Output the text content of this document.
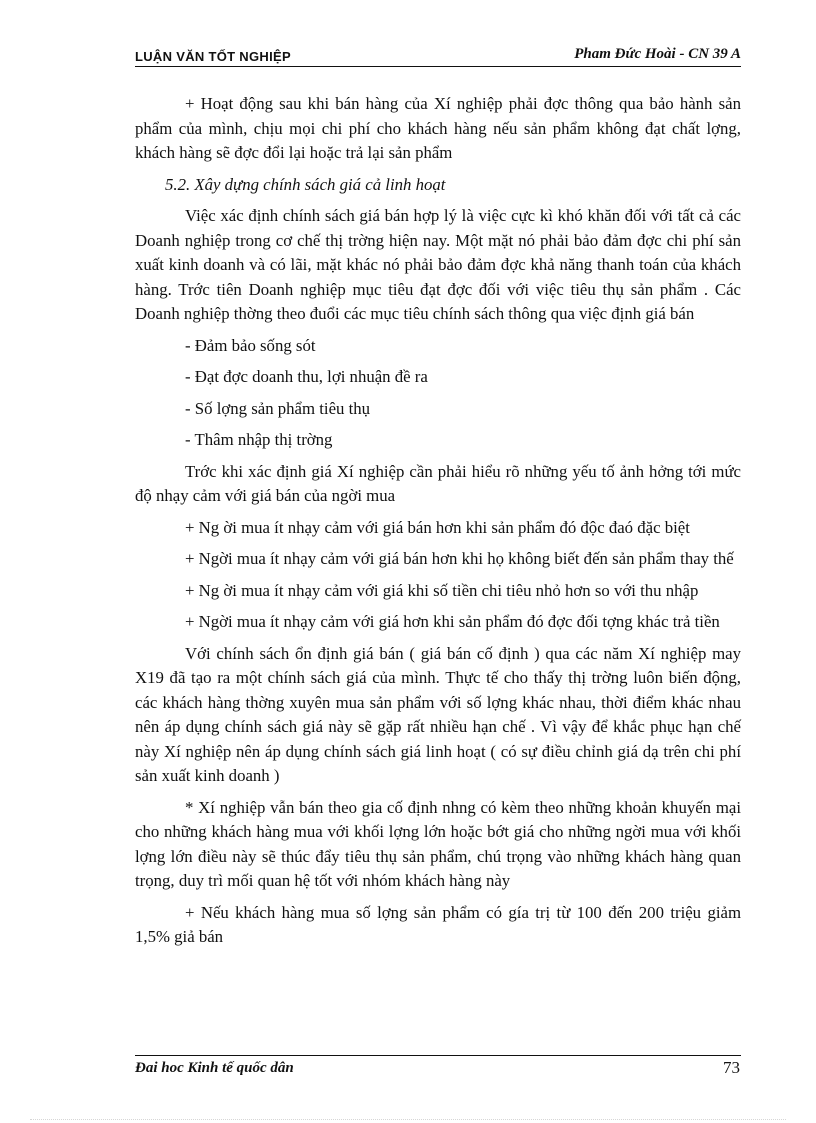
LUẬN VĂN TỐT NGHIỆP	Pham Đức Hoài - CN 39 A

+ Hoạt động sau khi bán hàng của Xí nghiệp phải đợc thông qua bảo hành sản phẩm của mình, chịu mọi chi phí cho khách hàng nếu sản phẩm không đạt chất lợng, khách hàng sẽ đợc đổi lại hoặc trả lại sản phẩm

5.2. Xây dựng chính sách giá cả linh hoạt

Việc xác định chính sách giá bán hợp lý là việc cực kì khó khăn đối với tất cả các Doanh nghiệp trong cơ chế thị trờng hiện nay. Một mặt nó phải bảo đảm đợc chi phí sản xuất kinh doanh và có lãi, mặt khác nó phải bảo đảm đợc khả năng thanh toán của khách hàng. Trớc tiên Doanh nghiệp mục tiêu đạt đợc đối với việc tiêu thụ sản phẩm . Các Doanh nghiệp thờng theo đuổi các mục tiêu chính sách thông qua việc định giá bán

- Đảm bảo sống sót

- Đạt đợc doanh thu, lợi nhuận đề ra

- Số lợng sản phẩm tiêu thụ

- Thâm nhập thị trờng

Trớc khi xác định giá Xí nghiệp cần phải hiểu rõ những yếu tố ảnh hởng tới mức độ nhạy cảm với giá bán của ngời mua

+ Ng ời mua ít nhạy cảm với giá bán hơn khi sản phẩm đó độc đaó đặc biệt

+ Ngời mua ít nhạy cảm với giá bán hơn khi họ không biết đến sản phẩm thay thế

+ Ng ời mua ít nhạy cảm với giá khi số tiền chi tiêu nhỏ hơn so với thu nhập

+ Ngời mua ít nhạy cảm với giá hơn khi sản phẩm đó đợc đối tợng khác trả tiền

Với chính sách ổn định giá bán ( giá bán cố định ) qua các năm Xí nghiệp may X19 đã tạo ra một chính sách giá của mình. Thực tế cho thấy thị trờng luôn biến động, các khách hàng thờng xuyên mua sản phẩm với số lợng khác nhau, thời điểm khác nhau nên áp dụng chính sách giá này sẽ gặp rất nhiều hạn chế . Vì vậy để khắc phục hạn chế này Xí nghiệp nên áp dụng chính sách giá linh hoạt ( có sự điều chỉnh giá dạ trên chi phí sản xuất kinh doanh )

* Xí nghiệp vẫn bán theo gia cố định nhng có kèm theo những khoản khuyến mại cho những khách hàng mua với khối lợng lớn hoặc bớt giá cho những ngời mua với khối lợng lớn điều này sẽ thúc đẩy tiêu thụ sản phẩm, chú trọng vào những khách hàng quan trọng, duy trì mối quan hệ tốt với nhóm khách hàng này

+ Nếu khách hàng mua số lợng sản phẩm có gía trị từ 100 đến 200 triệu giảm 1,5% giả bán

Đai hoc Kinh tế quốc dân	73
